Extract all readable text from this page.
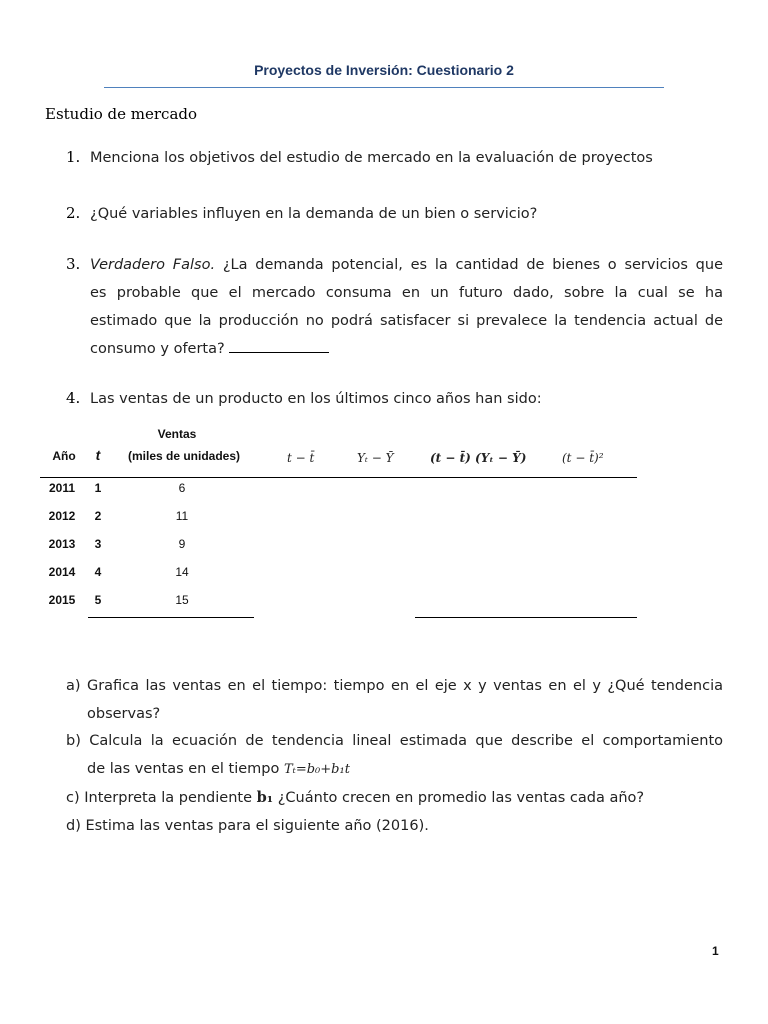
Proyectos de Inversión: Cuestionario 2
Estudio de mercado
1. Menciona los objetivos del estudio de mercado en la evaluación de proyectos
2. ¿Qué variables influyen en la demanda de un bien o servicio?
3. Verdadero Falso. ¿La demanda potencial, es la cantidad de bienes o servicios que
es probable que el mercado consuma en un futuro dado, sobre la cual se ha
estimado que la producción no podrá satisfacer si prevalece la tendencia actual de
consumo y oferta?
4. Las ventas de un producto en los últimos cinco años han sido:
Ventas
Año	t	(miles de unidades)	t − t̄	Yₜ − Ȳ	(t − t̄) (Yₜ − Ȳ)	(t − t̄)²
2011	1	6
2012	2	11
2013	3	9
2014	4	14
2015	5	15
a) Grafica las ventas en el tiempo: tiempo en el eje x y ventas en el y ¿Qué tendencia
observas?
b) Calcula la ecuación de tendencia lineal estimada que describe el comportamiento
de las ventas en el tiempo Tₜ=b₀+b₁t
c) Interpreta la pendiente b₁ ¿Cuánto crecen en promedio las ventas cada año?
d) Estima las ventas para el siguiente año (2016).
1
